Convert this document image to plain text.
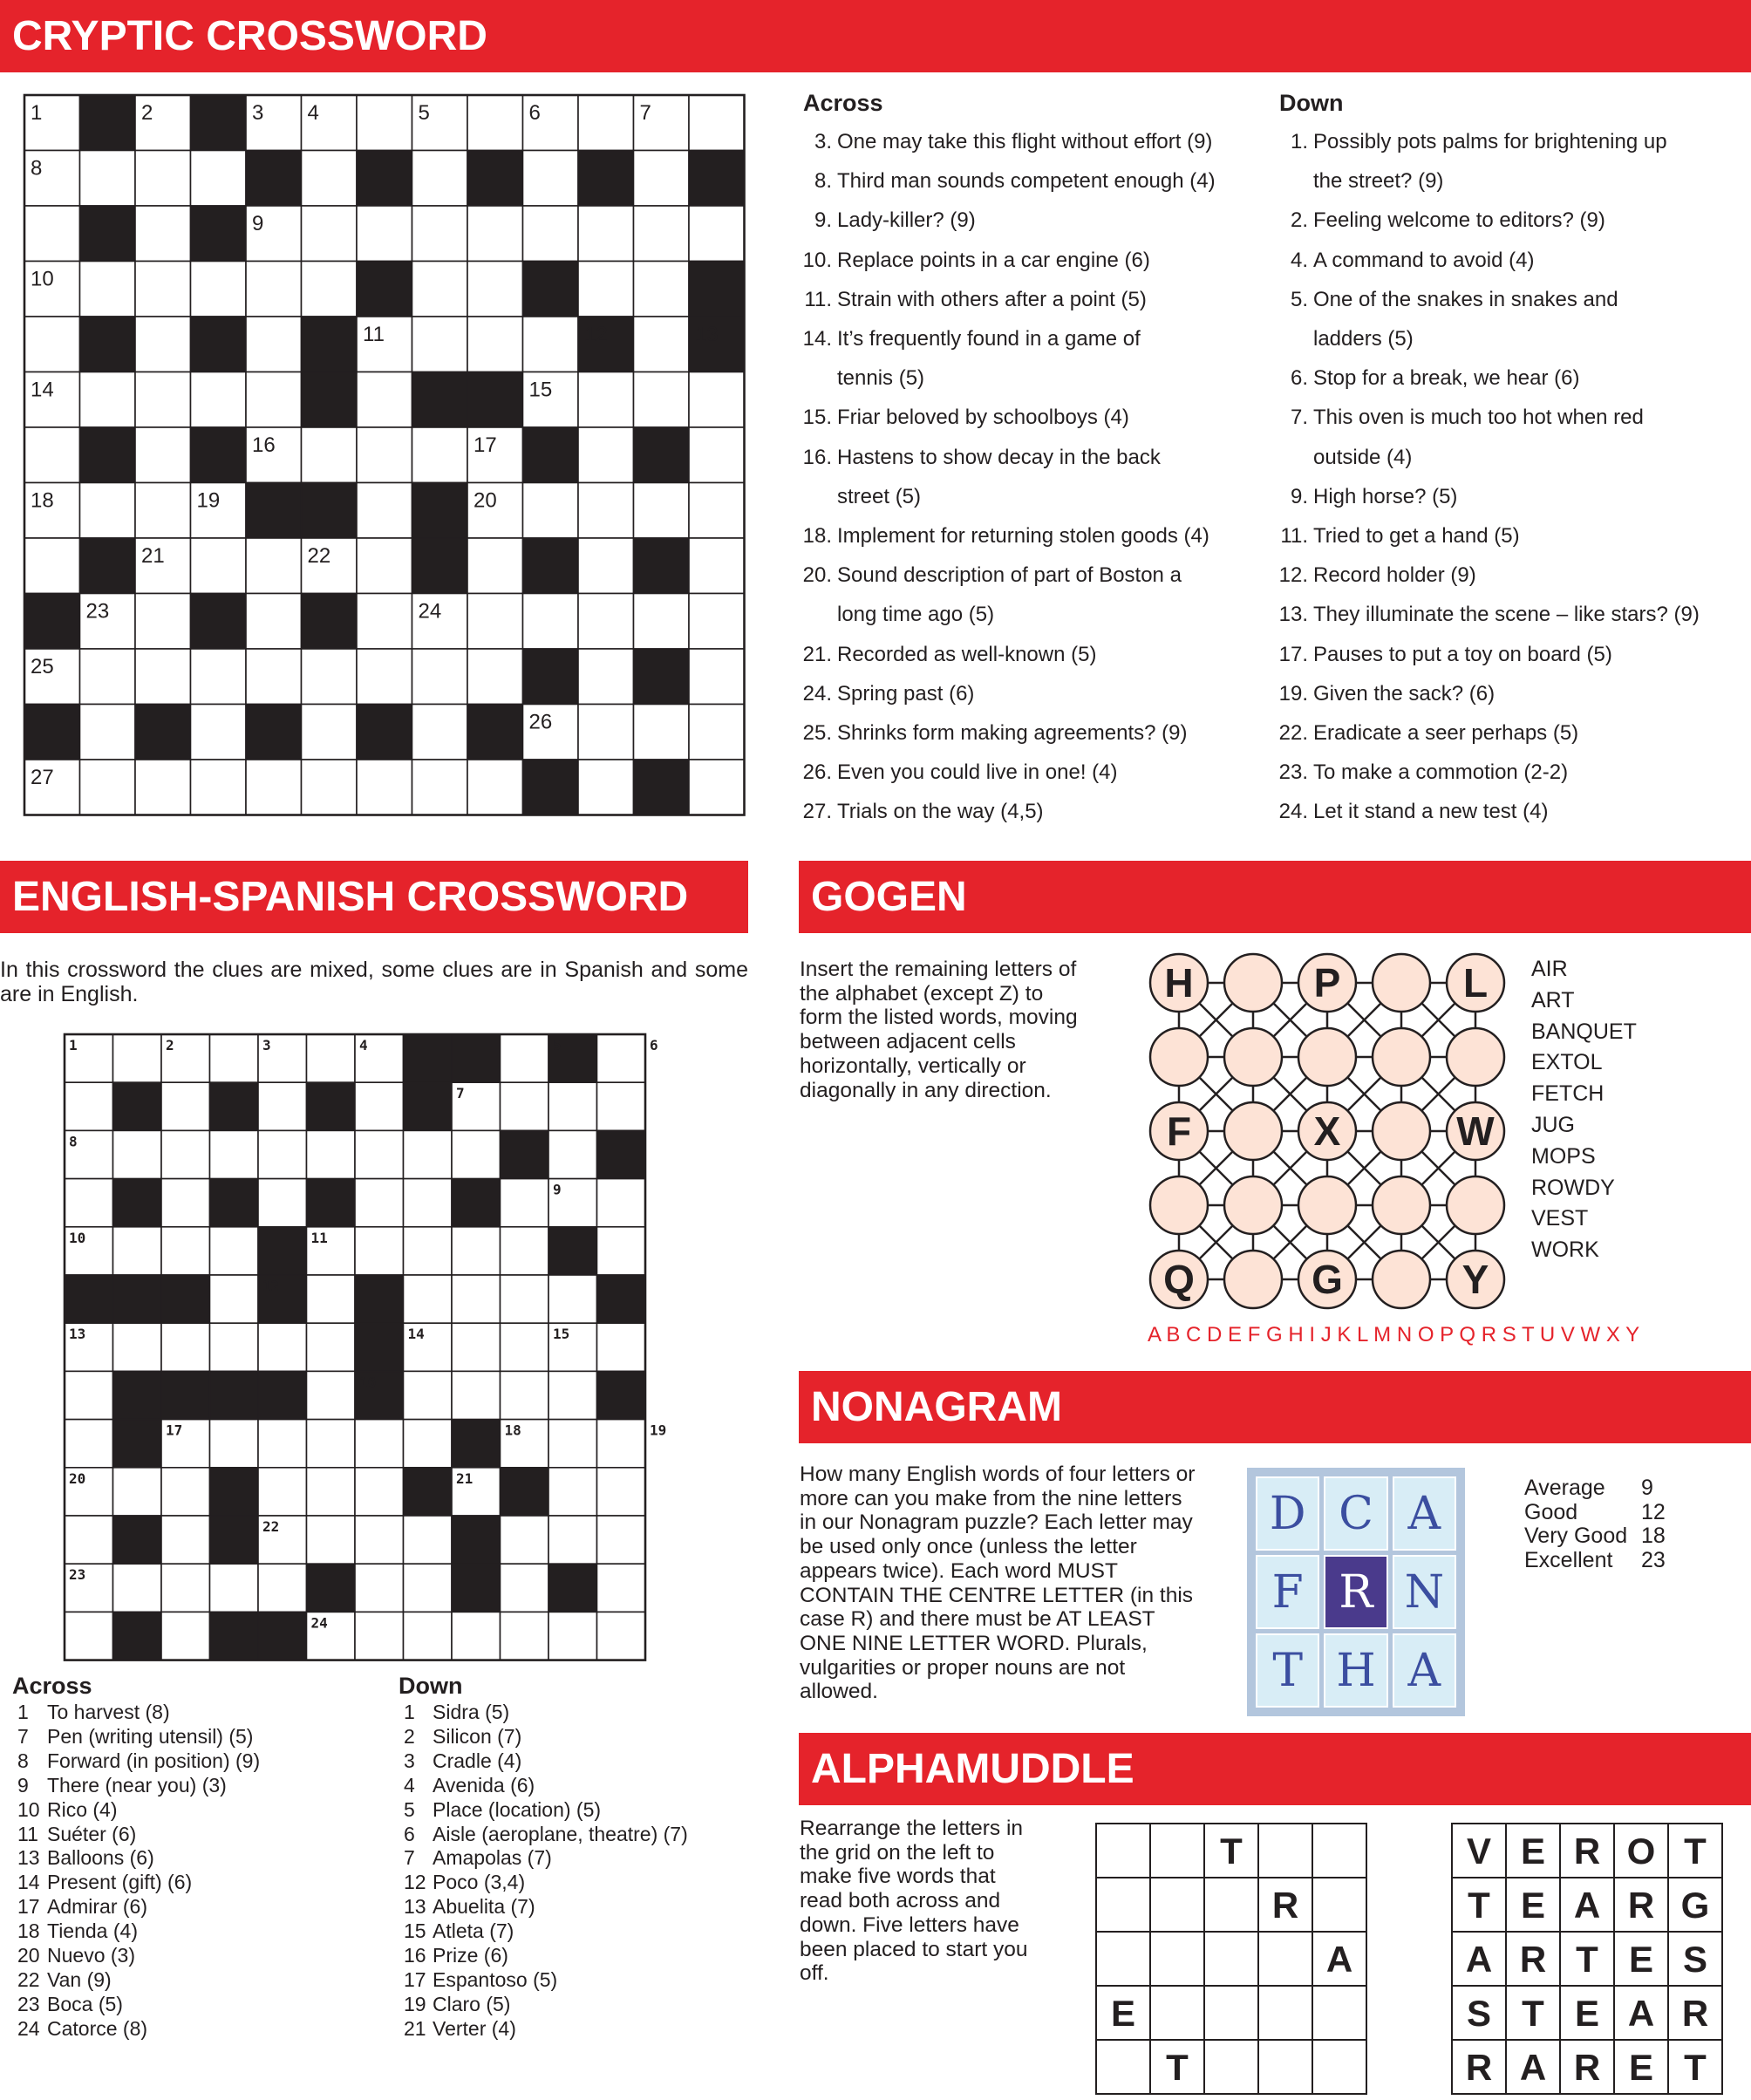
CRYPTIC CROSSWORD
1	2	3 4	5	6	7
8
9
10
11	12	13
14	15
16	17
18	19	20
21	22
23	24
25
26
27
Across	Down
3. One may take this flight without effort (9)
8. Third man sounds competent enough (4)
9. Lady-killer? (9)
10. Replace points in a car engine (6)
11. Strain with others after a point (5)
14. It’s frequently found in a game of
tennis (5)
15. Friar beloved by schoolboys (4)
16. Hastens to show decay in the back
street (5)
18. Implement for returning stolen goods (4)
20. Sound description of part of Boston a
long time ago (5)
21. Recorded as well-known (5)
24. Spring past (6)
25. Shrinks form making agreements? (9)
26. Even you could live in one! (4)
27. Trials on the way (4,5)
1. Possibly pots palms for brightening up
the street? (9)
2. Feeling welcome to editors? (9)
4. A command to avoid (4)
5. One of the snakes in snakes and
ladders (5)
6. Stop for a break, we hear (6)
7. This oven is much too hot when red
outside (4)
9. High horse? (5)
11. Tried to get a hand (5)
12. Record holder (9)
13. They illuminate the scene – like stars? (9)
17. Pauses to put a toy on board (5)
19. Given the sack? (6)
22. Eradicate a seer perhaps (5)
23. To make a commotion (2-2)
24. Let it stand a new test (4)
ENGLISH-SPANISH CROSSWORD
In this crossword the clues are mixed, some clues are in Spanish and some are in English.
1	2	3	4	5	6
7
8
9
10	11
12
13	14	15
16
17	18	19
20	21
22
23
24
Across	Down
1 To harvest (8)
7 Pen (writing utensil) (5)
8 Forward (in position) (9)
9 There (near you) (3)
10 Rico (4)
11 Suéter (6)
13 Balloons (6)
14 Present (gift) (6)
17 Admirar (6)
18 Tienda (4)
20 Nuevo (3)
22 Van (9)
23 Boca (5)
24 Catorce (8)
1 Sidra (5)
2 Silicon (7)
3 Cradle (4)
4 Avenida (6)
5 Place (location) (5)
6 Aisle (aeroplane, theatre) (7)
7 Amapolas (7)
12 Poco (3,4)
13 Abuelita (7)
15 Atleta (7)
16 Prize (6)
17 Espantoso (5)
19 Claro (5)
21 Verter (4)
GOGEN
Insert the remaining letters of the alphabet (except Z) to form the listed words, moving between adjacent cells horizontally, vertically or diagonally in any direction.
H	P	L
F	X	W
Q	G	Y
AIR
ART
BANQUET
EXTOL
FETCH
JUG
MOPS
ROWDY
VEST
WORK
A B C D E F G H I J K L M N O P Q R S T U V W X Y
NONAGRAM
How many English words of four letters or more can you make from the nine letters in our Nonagram puzzle? Each letter may be used only once (unless the letter appears twice). Each word MUST CONTAIN THE CENTRE LETTER (in this case R) and there must be AT LEAST ONE NINE LETTER WORD. Plurals, vulgarities or proper nouns are not allowed.
D C A
F R N
T H A
Average 9
Good	12
Very Good 18
Excellent 23
ALPHAMUDDLE
Rearrange the letters in the grid on the left to make five words that read both across and down. Five letters have been placed to start you off.
T
R
A
E
T
V E R O T
T E A R G
A R T E S
S T E A R
R A R E T
